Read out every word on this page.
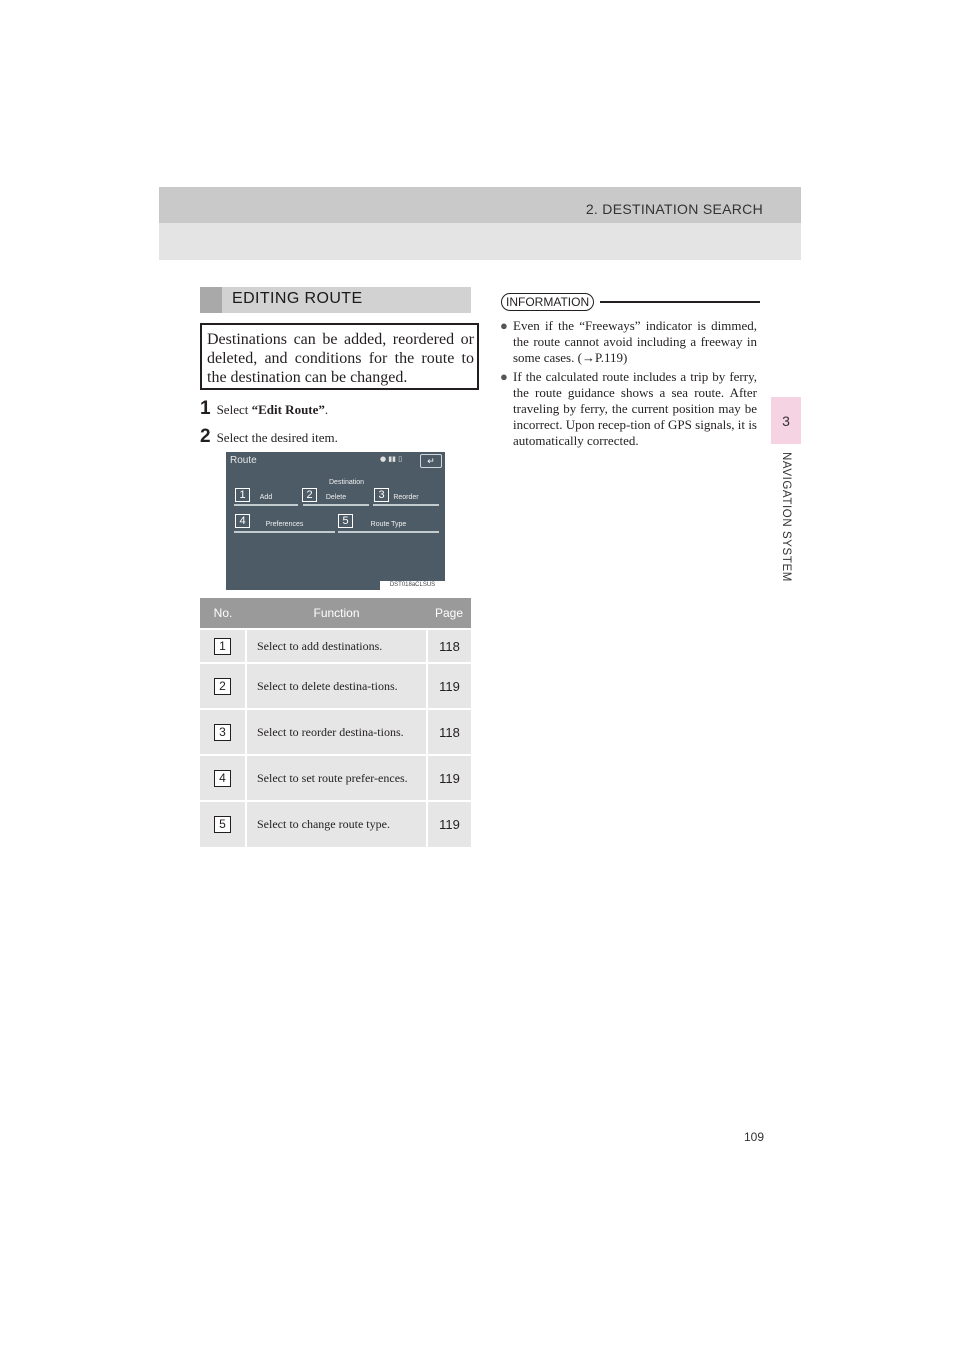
2. DESTINATION SEARCH
3
NAVIGATION SYSTEM
EDITING ROUTE

Destinations can be added, reordered or deleted, and conditions for the route to the destination can be changed.

1 Select “Edit Route”.
2 Select the desired item.
Route	● ▮▮ ▯	↵
Destination
Add	Delete	Reorder
Preferences	Route Type
1	2	3
4	5
DST018aCLSUS
No.	Function	Page
1	Select to add destinations.	118
2	Select to delete destina-tions.	119
3	Select to reorder destina-tions.	118
4	Select to set route prefer-ences.	119
5	Select to change route type.	119
INFORMATION
● Even if the “Freeways” indicator is dimmed, the route cannot avoid including a freeway in some cases. (→P.119)
● If the calculated route includes a trip by ferry, the route guidance shows a sea route. After traveling by ferry, the current position may be incorrect. Upon recep-tion of GPS signals, it is automatically corrected.
109
